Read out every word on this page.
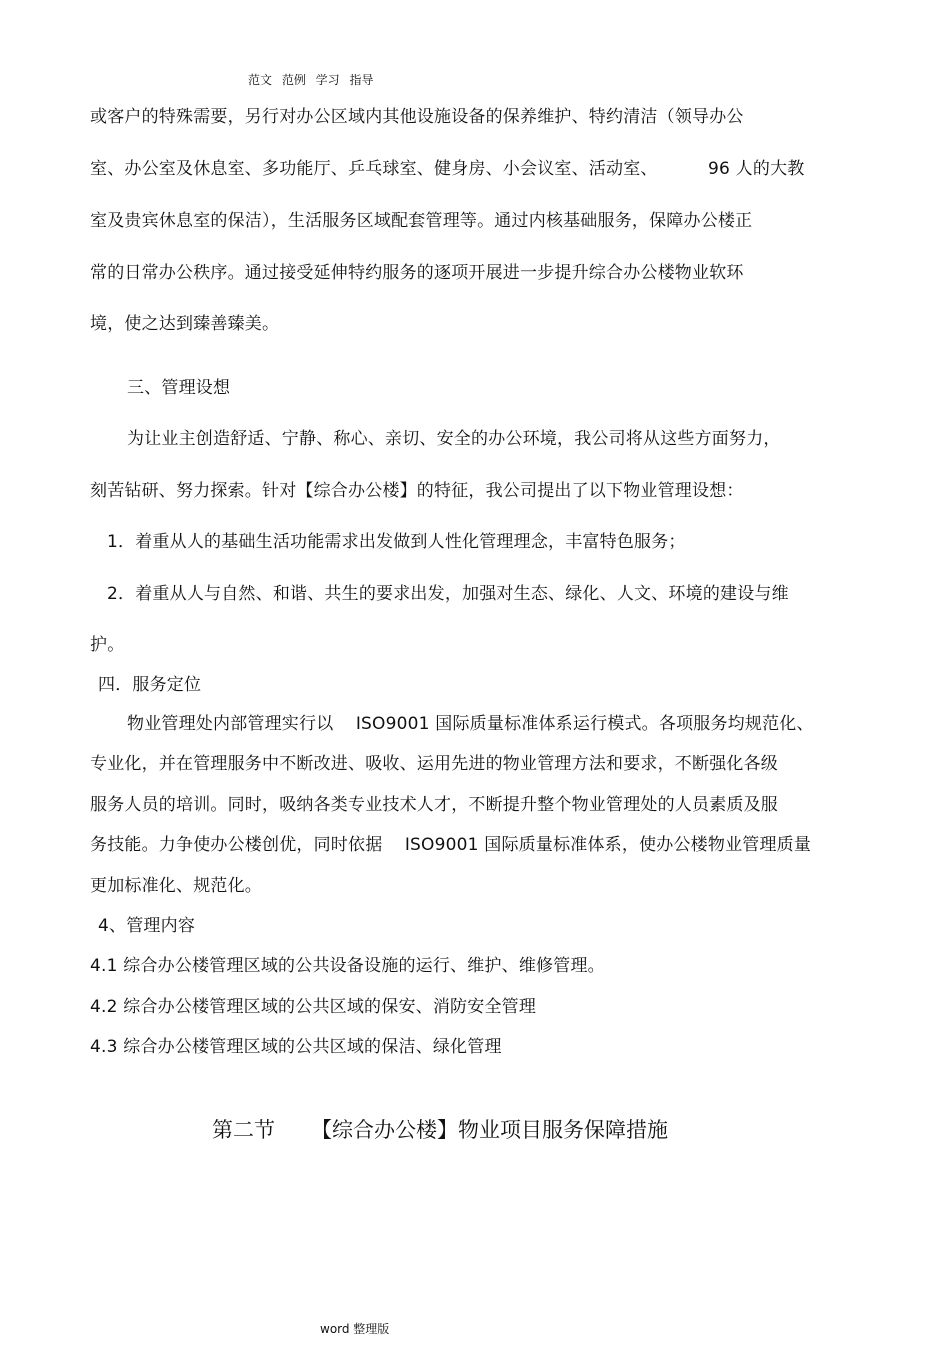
范文 范例 学习 指导
或客户的特殊需要，另行对办公区域内其他设施设备的保养维护、特约清洁（领导办公
室、办公室及休息室、多功能厅、乒乓球室、健身房、小会议室、活动室、         96 人的大教
室及贵宾休息室的保洁），生活服务区域配套管理等。通过内核基础服务，保障办公楼正
常的日常办公秩序。通过接受延伸特约服务的逐项开展进一步提升综合办公楼物业软环
境，使之达到臻善臻美。
三、管理设想
为让业主创造舒适、宁静、称心、亲切、安全的办公环境，我公司将从这些方面努力，
刻苦钻研、努力探索。针对【综合办公楼】的特征，我公司提出了以下物业管理设想：
1．着重从人的基础生活功能需求出发做到人性化管理理念，丰富特色服务；
2．着重从人与自然、和谐、共生的要求出发，加强对生态、绿化、人文、环境的建设与维
护。
四．服务定位
物业管理处内部管理实行以    ISO9001 国际质量标准体系运行模式。各项服务均规范化、
专业化，并在管理服务中不断改进、吸收、运用先进的物业管理方法和要求，不断强化各级
服务人员的培训。同时，吸纳各类专业技术人才，不断提升整个物业管理处的人员素质及服
务技能。力争使办公楼创优，同时依据    ISO9001 国际质量标准体系，使办公楼物业管理质量
更加标准化、规范化。
4、管理内容
4.1 综合办公楼管理区域的公共设备设施的运行、维护、维修管理。
4.2 综合办公楼管理区域的公共区域的保安、消防安全管理
4.3 综合办公楼管理区域的公共区域的保洁、绿化管理
第二节 【综合办公楼】物业项目服务保障措施
word 整理版
